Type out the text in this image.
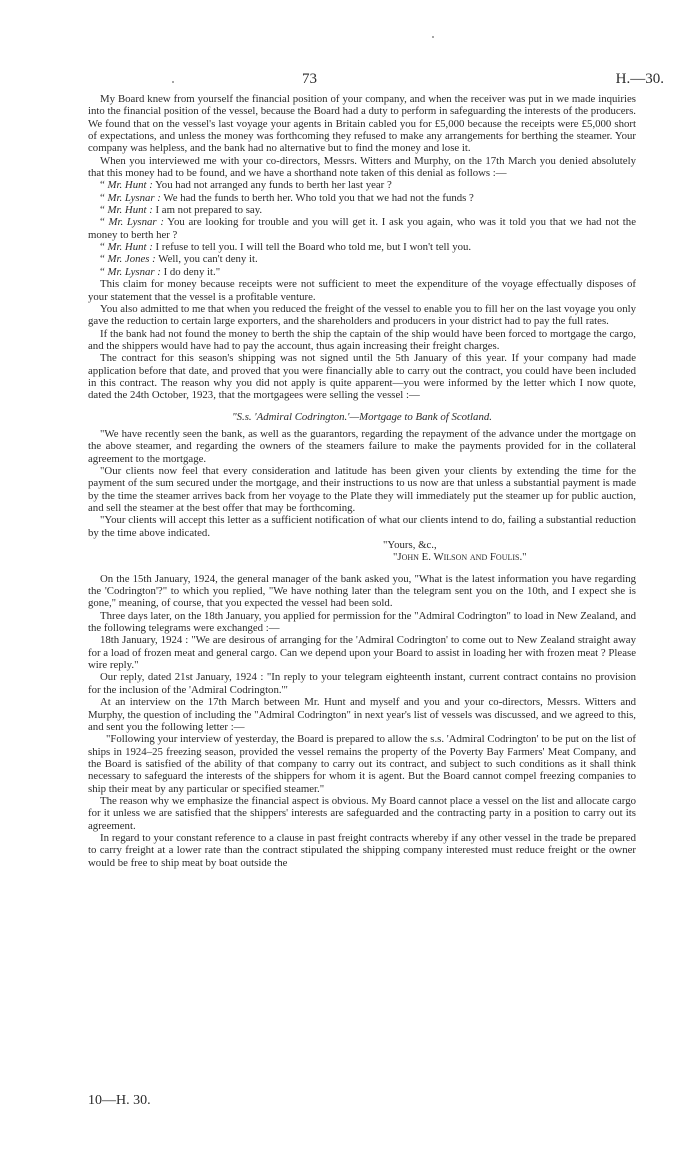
73	H.—30.

My Board knew from yourself the financial position of your company, and when the receiver was put in we made inquiries into the financial position of the vessel, because the Board had a duty to perform in safeguarding the interests of the producers. We found that on the vessel's last voyage your agents in Britain cabled you for £5,000 because the receipts were £5,000 short of expectations, and unless the money was forthcoming they refused to make any arrangements for berthing the steamer. Your company was helpless, and the bank had no alternative but to find the money and lose it.

When you interviewed me with your co-directors, Messrs. Witters and Murphy, on the 17th March you denied absolutely that this money had to be found, and we have a shorthand note taken of this denial as follows :—

“ Mr. Hunt : You had not arranged any funds to berth her last year ?

“ Mr. Lysnar : We had the funds to berth her. Who told you that we had not the funds ?

“ Mr. Hunt : I am not prepared to say.

“ Mr. Lysnar : You are looking for trouble and you will get it. I ask you again, who was it told you that we had not the money to berth her ?

“ Mr. Hunt : I refuse to tell you. I will tell the Board who told me, but I won't tell you.

“ Mr. Jones : Well, you can't deny it.

“ Mr. Lysnar : I do deny it."

This claim for money because receipts were not sufficient to meet the expenditure of the voyage effectually disposes of your statement that the vessel is a profitable venture.

You also admitted to me that when you reduced the freight of the vessel to enable you to fill her on the last voyage you only gave the reduction to certain large exporters, and the shareholders and producers in your district had to pay the full rates.

If the bank had not found the money to berth the ship the captain of the ship would have been forced to mortgage the cargo, and the shippers would have had to pay the account, thus again increasing their freight charges.

The contract for this season's shipping was not signed until the 5th January of this year. If your company had made application before that date, and proved that you were financially able to carry out the contract, you could have been included in this contract. The reason why you did not apply is quite apparent—you were informed by the letter which I now quote, dated the 24th October, 1923, that the mortgagees were selling the vessel :—

"S.s. 'Admiral Codrington.'—Mortgage to Bank of Scotland.

"We have recently seen the bank, as well as the guarantors, regarding the repayment of the advance under the mortgage on the above steamer, and regarding the owners of the steamers failure to make the payments provided for in the collateral agreement to the mortgage.

"Our clients now feel that every consideration and latitude has been given your clients by extending the time for the payment of the sum secured under the mortgage, and their instructions to us now are that unless a substantial payment is made by the time the steamer arrives back from her voyage to the Plate they will immediately put the steamer up for public auction, and sell the steamer at the best offer that may be forthcoming.

"Your clients will accept this letter as a sufficient notification of what our clients intend to do, failing a substantial reduction by the time above indicated.

"Yours, &c.,

"John E. Wilson and Foulis."

On the 15th January, 1924, the general manager of the bank asked you, "What is the latest information you have regarding the 'Codrington'?" to which you replied, "We have nothing later than the telegram sent you on the 10th, and I expect she is gone," meaning, of course, that you expected the vessel had been sold.

Three days later, on the 18th January, you applied for permission for the "Admiral Codrington" to load in New Zealand, and the following telegrams were exchanged :—

18th January, 1924 : "We are desirous of arranging for the 'Admiral Codrington' to come out to New Zealand straight away for a load of frozen meat and general cargo. Can we depend upon your Board to assist in loading her with frozen meat ? Please wire reply."

Our reply, dated 21st January, 1924 : "In reply to your telegram eighteenth instant, current contract contains no provision for the inclusion of the 'Admiral Codrington.'"

At an interview on the 17th March between Mr. Hunt and myself and you and your co-directors, Messrs. Witters and Murphy, the question of including the "Admiral Codrington" in next year's list of vessels was discussed, and we agreed to this, and sent you the following letter :—

"Following your interview of yesterday, the Board is prepared to allow the s.s. 'Admiral Codrington' to be put on the list of ships in 1924–25 freezing season, provided the vessel remains the property of the Poverty Bay Farmers' Meat Company, and the Board is satisfied of the ability of that company to carry out its contract, and subject to such conditions as it shall think necessary to safeguard the interests of the shippers for whom it is agent. But the Board cannot compel freezing companies to ship their meat by any particular or specified steamer."

The reason why we emphasize the financial aspect is obvious. My Board cannot place a vessel on the list and allocate cargo for it unless we are satisfied that the shippers' interests are safeguarded and the contracting party in a position to carry out its agreement.

In regard to your constant reference to a clause in past freight contracts whereby if any other vessel in the trade be prepared to carry freight at a lower rate than the contract stipulated the shipping company interested must reduce freight or the owner would be free to ship meat by boat outside the

10—H. 30.
